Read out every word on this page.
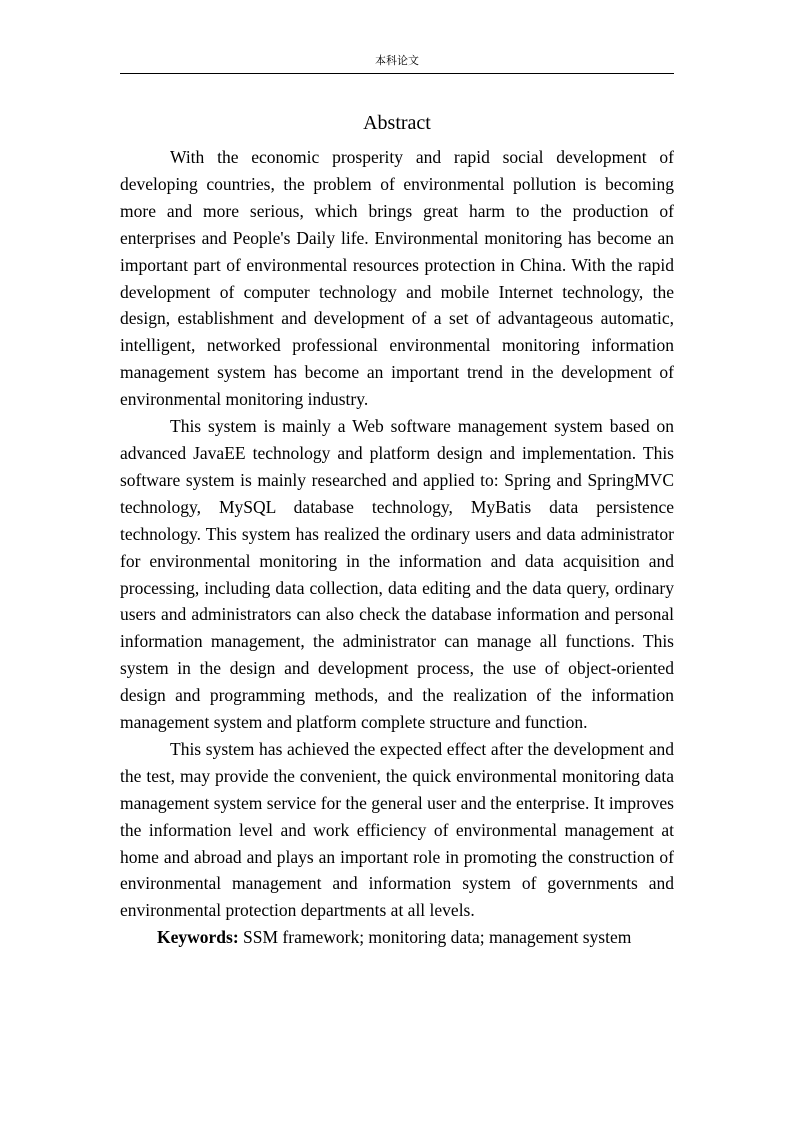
本科论文
Abstract

With the economic prosperity and rapid social development of developing countries, the problem of environmental pollution is becoming more and more serious, which brings great harm to the production of enterprises and People's Daily life. Environmental monitoring has become an important part of environmental resources protection in China. With the rapid development of computer technology and mobile Internet technology, the design, establishment and development of a set of advantageous automatic, intelligent, networked professional environmental monitoring information management system has become an important trend in the development of environmental monitoring industry.

This system is mainly a Web software management system based on advanced JavaEE technology and platform design and implementation. This software system is mainly researched and applied to: Spring and SpringMVC technology, MySQL database technology, MyBatis data persistence technology. This system has realized the ordinary users and data administrator for environmental monitoring in the information and data acquisition and processing, including data collection, data editing and the data query, ordinary users and administrators can also check the database information and personal information management, the administrator can manage all functions. This system in the design and development process, the use of object-oriented design and programming methods, and the realization of the information management system and platform complete structure and function.

This system has achieved the expected effect after the development and the test, may provide the convenient, the quick environmental monitoring data management system service for the general user and the enterprise. It improves the information level and work efficiency of environmental management at home and abroad and plays an important role in promoting the construction of environmental management and information system of governments and environmental protection departments at all levels.

Keywords: SSM framework; monitoring data; management system
